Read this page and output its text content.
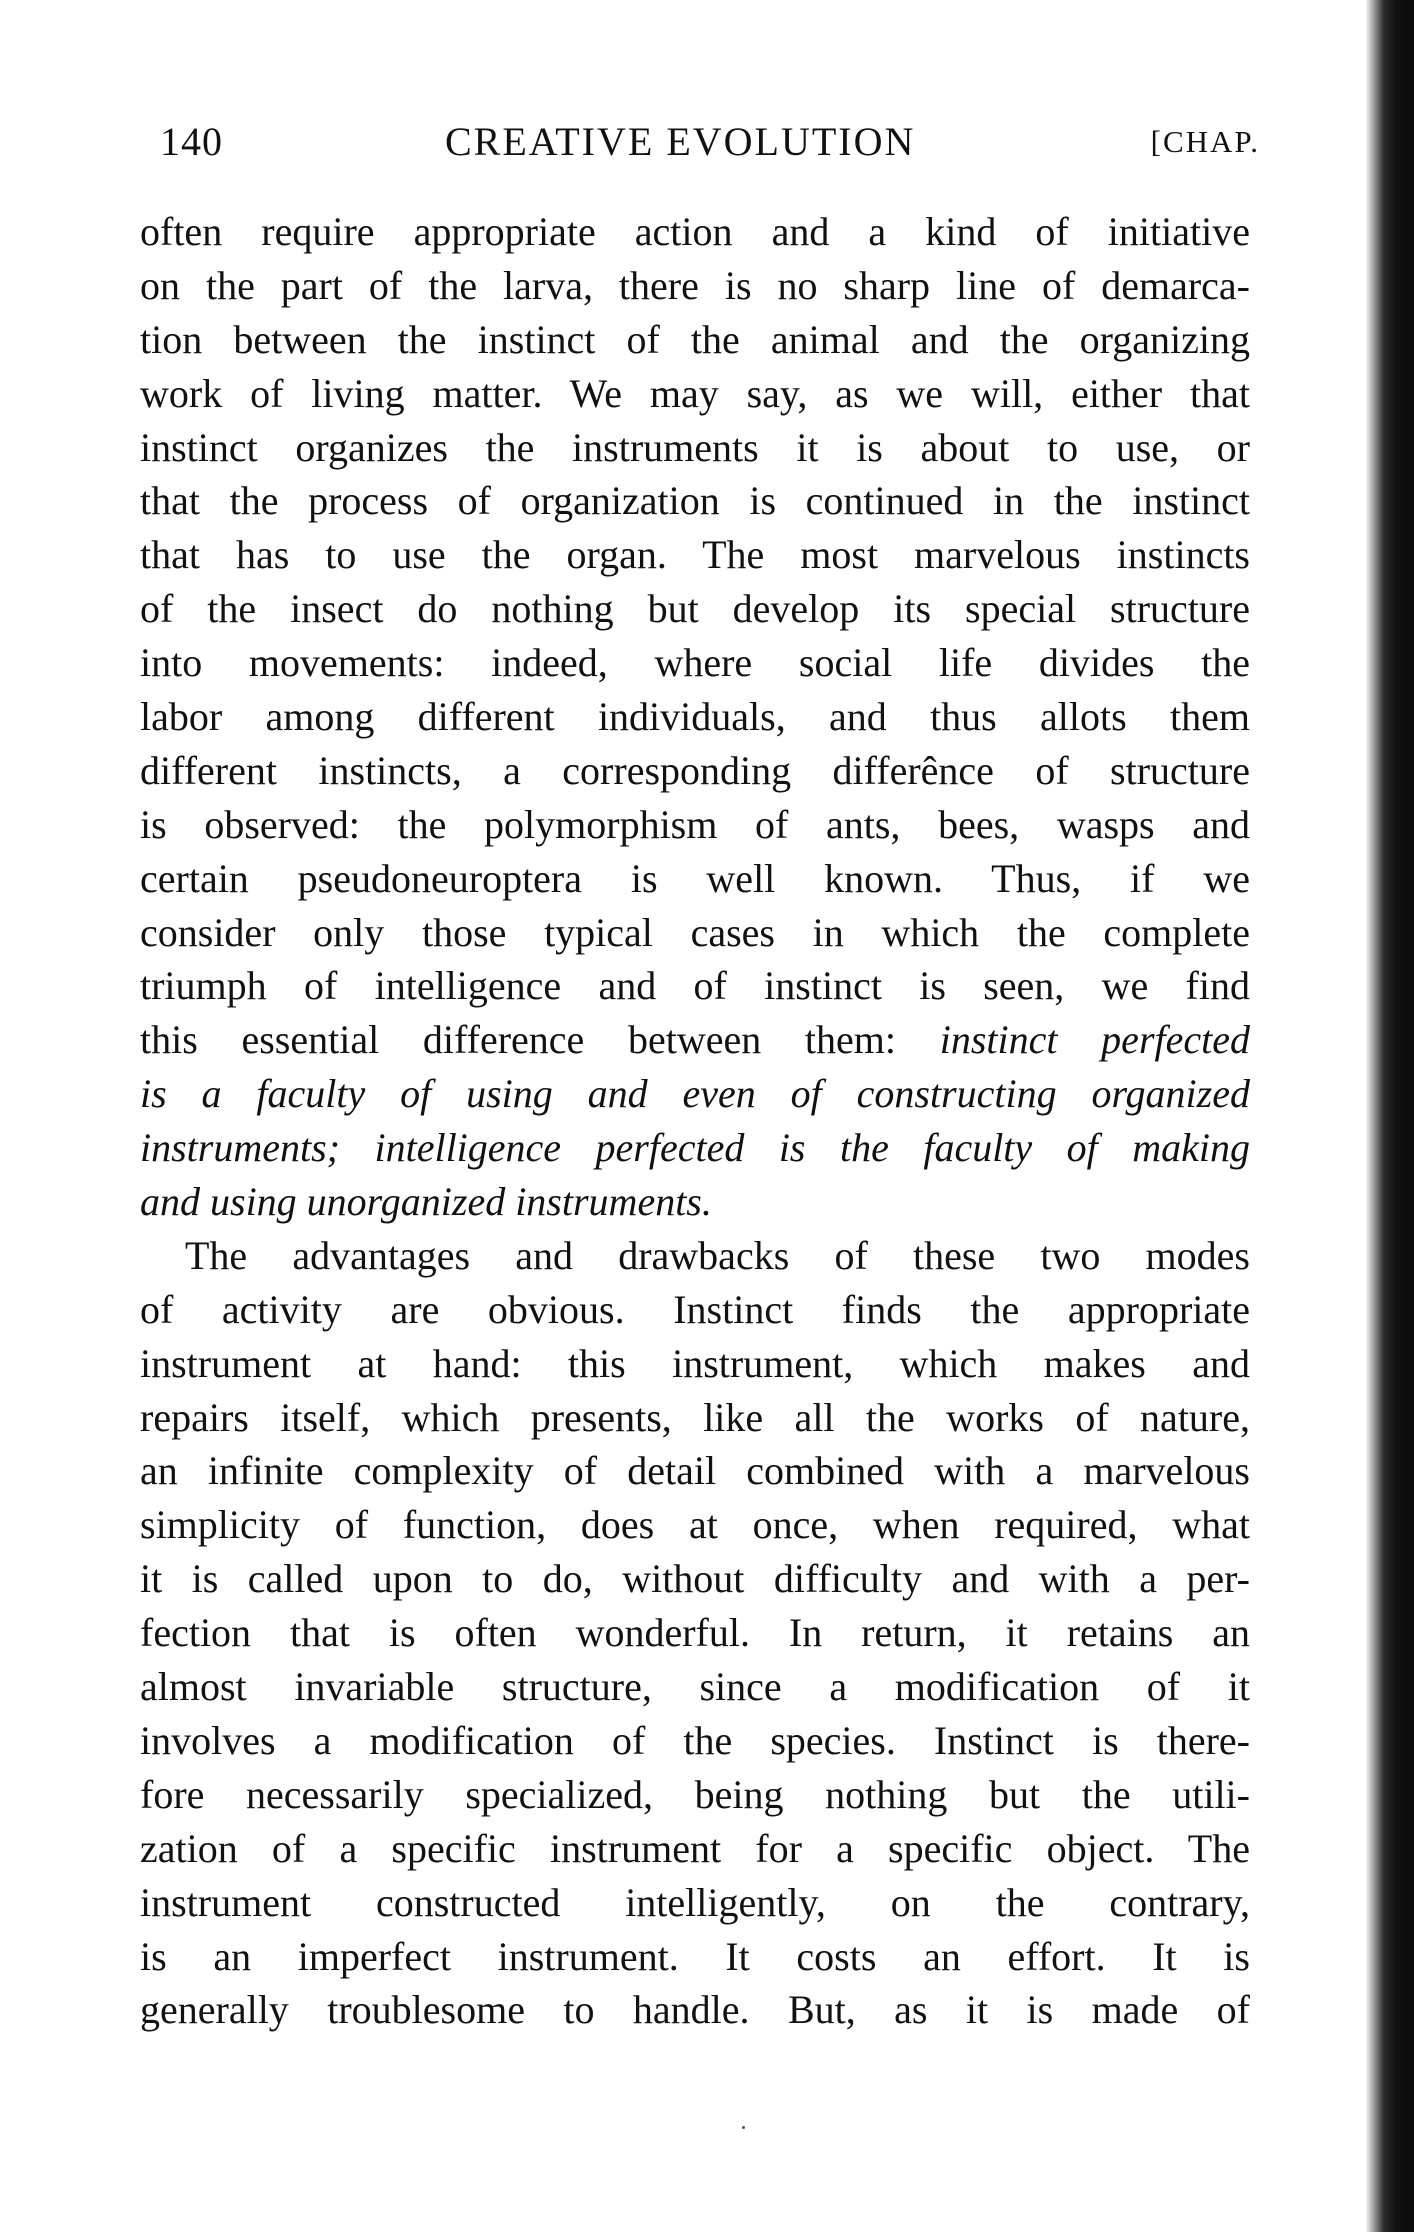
140	CREATIVE EVOLUTION	[CHAP.
often require appropriate action and a kind of initiative
on the part of the larva, there is no sharp line of demarca-
tion between the instinct of the animal and the organizing
work of living matter. We may say, as we will, either that
instinct organizes the instruments it is about to use, or
that the process of organization is continued in the instinct
that has to use the organ. The most marvelous instincts
of the insect do nothing but develop its special structure
into movements: indeed, where social life divides the
labor among different individuals, and thus allots them
different instincts, a corresponding differênce of structure
is observed: the polymorphism of ants, bees, wasps and
certain pseudoneuroptera is well known. Thus, if we
consider only those typical cases in which the complete
triumph of intelligence and of instinct is seen, we find
this essential difference between them: instinct perfected
is a faculty of using and even of constructing organized
instruments; intelligence perfected is the faculty of making
and using unorganized instruments.
The advantages and drawbacks of these two modes
of activity are obvious. Instinct finds the appropriate
instrument at hand: this instrument, which makes and
repairs itself, which presents, like all the works of nature,
an infinite complexity of detail combined with a marvelous
simplicity of function, does at once, when required, what
it is called upon to do, without difficulty and with a per-
fection that is often wonderful. In return, it retains an
almost invariable structure, since a modification of it
involves a modification of the species. Instinct is there-
fore necessarily specialized, being nothing but the utili-
zation of a specific instrument for a specific object. The
instrument constructed intelligently, on the contrary,
is an imperfect instrument. It costs an effort. It is
generally troublesome to handle. But, as it is made of
